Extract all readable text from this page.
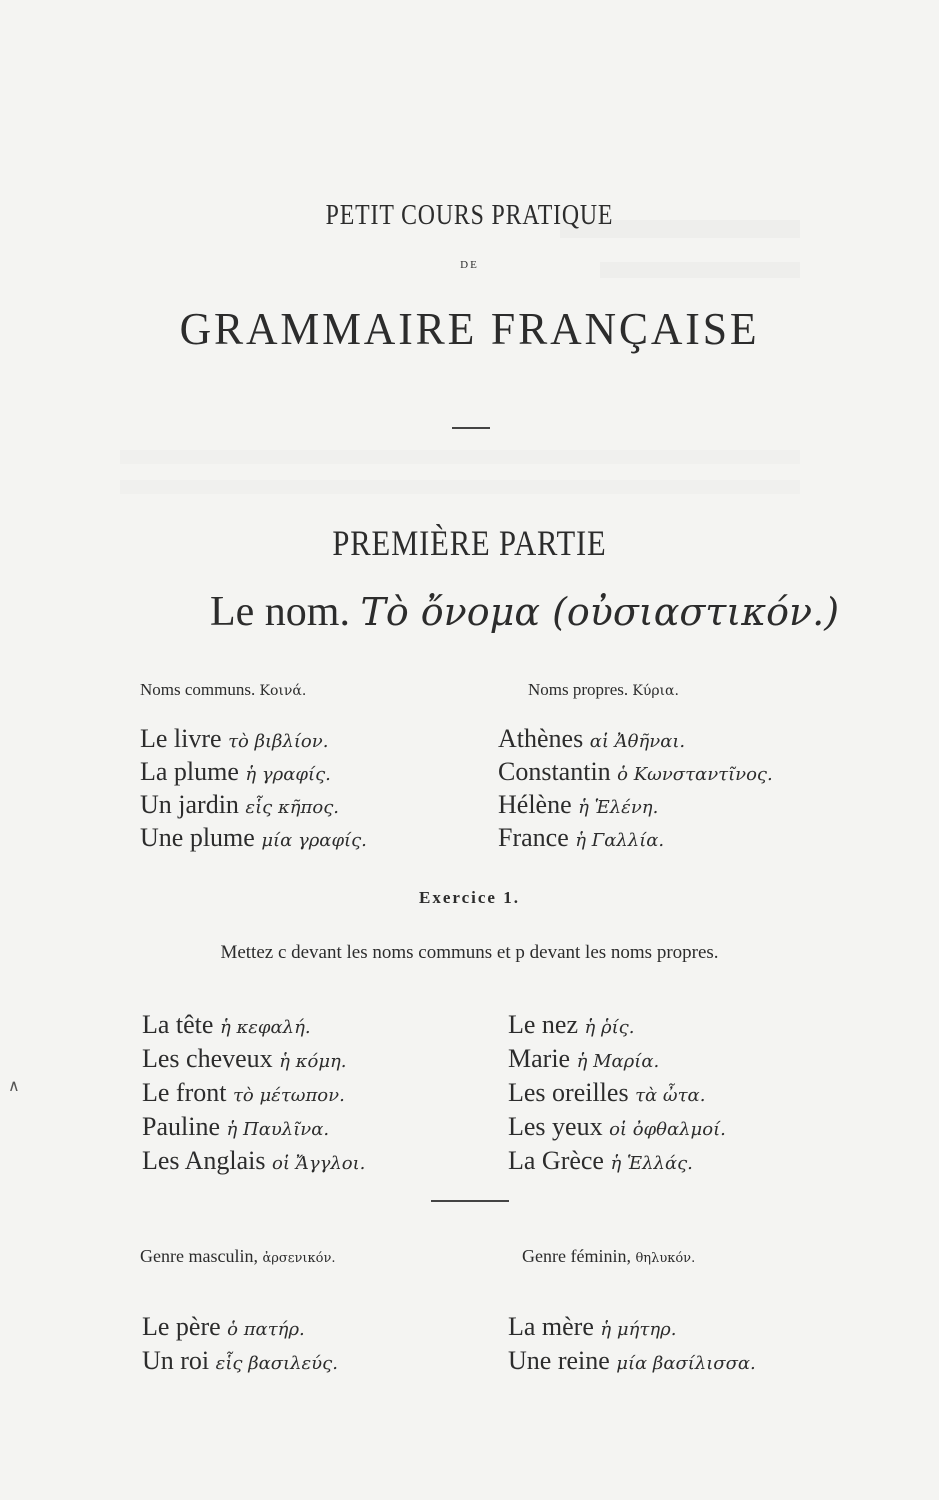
PETIT COURS PRATIQUE
DE
GRAMMAIRE FRANÇAISE
PREMIÈRE PARTIE
Le nom. Τὸ ὄνομα (οὐσιαστικόν.)
Noms communs. Κοινά.	Noms propres. Κύρια.
Le livre τὸ βιβλίον.
La plume ἡ γραφίς.
Un jardin εἷς κῆπος.
Une plume μία γραφίς.
Athènes αἱ Ἀθῆναι.
Constantin ὁ Κωνσταντῖνος.
Hélène ἡ Ἑλένη.
France ἡ Γαλλία.
Exercice 1.
Mettez c devant les noms communs et p devant les noms propres.
La tête ἡ κεφαλή.
Les cheveux ἡ κόμη.
Le front τὸ μέτωπον.
Pauline ἡ Παυλῖνα.
Les Anglais οἱ Ἄγγλοι.
Le nez ἡ ῥίς.
Marie ἡ Μαρία.
Les oreilles τὰ ὦτα.
Les yeux οἱ ὀφθαλμοί.
La Grèce ἡ Ἑλλάς.
Genre masculin, ἀρσενικόν.	Genre féminin, θηλυκόν.
Le père ὁ πατήρ.
Un roi εἷς βασιλεύς.
La mère ἡ μήτηρ.
Une reine μία βασίλισσα.
∧
